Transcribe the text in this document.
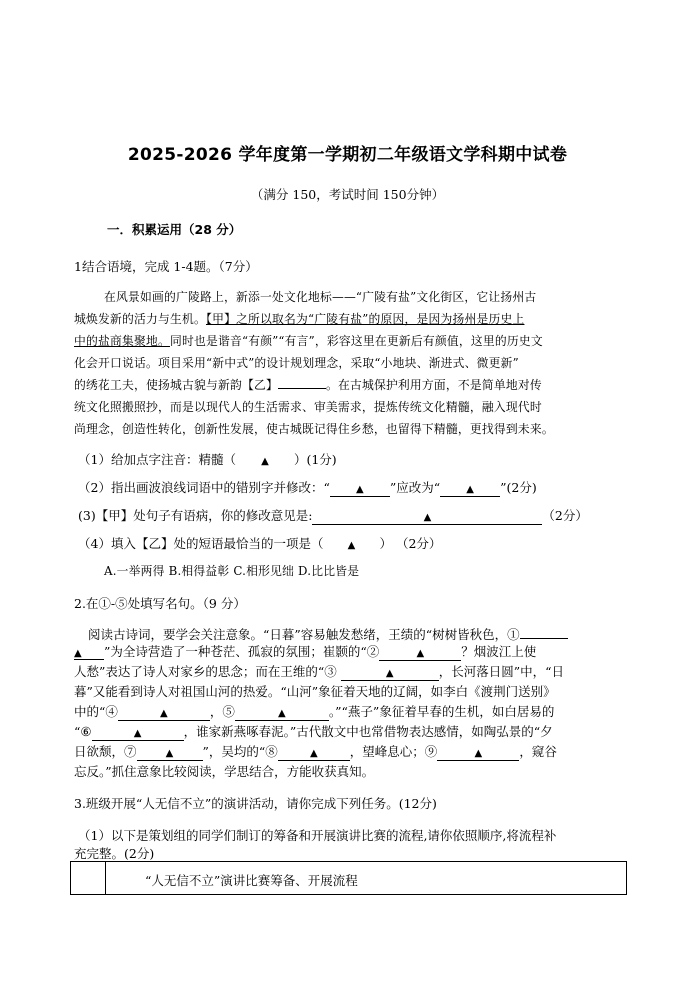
2025-2026 学年度第一学期初二年级语文学科期中试卷
（满分 150，考试时间 150分钟）
一．积累运用（28 分）
1结合语境，完成 1-4题。（7分）
在风景如画的广陵路上，新添一处文化地标——“广陵有盐”文化街区，它让扬州古
城焕发新的活力与生机。【甲】之所以取名为“广陵有盐”的原因，是因为扬州是历史上
中的盐商集聚地。同时也是谐音“有颜”“有言”，彩容这里在更新后有颜值，这里的历史文
化会开口说话。项目采用“新中式”的设计规划理念，采取“小地块、渐进式、微更新”
的绣花工夫，使扬城古貌与新韵【乙】	。在古城保护利用方面，不是简单地对传
统文化照搬照抄，而是以现代人的生活需求、审美需求，提炼传统文化精髓，融入现代时
尚理念，创造性转化，创新性发展，使古城既记得住乡愁，也留得下精髓，更找得到未来。
（1）给加点字注音：精髓（	▲ ）(1分)
（2）指出画波浪线词语中的错别字并修改：“	▲ ”应改为“	▲ ”(2分)
(3)【甲】处句子有语病，你的修改意见是:	▲	（2分）
（4）填入【乙】处的短语最恰当的一项是（ ▲ ） （2分）
A.一举两得 B.相得益彰 C.相形见绌 D.比比皆是
2.在①-⑤处填写名句。（9 分）
阅读古诗词，要学会关注意象。“日暮”容易触发愁绪，王绩的“树树皆秋色，①
▲ ”为全诗营造了一种苍茫、孤寂的氛围；崔颢的“②	▲	？烟波江上使
人愁”表达了诗人对家乡的思念；而在王维的“③	▲	，长河落日圆”中，“日
暮”又能看到诗人对祖国山河的热爱。“山河”象征着天地的辽阔，如李白《渡荆门送别》
中的“④	▲	，⑤	▲	。”“燕子”象征着早春的生机，如白居易的
“⑥	▲	，谁家新燕啄春泥。”古代散文中也常借物表达感情，如陶弘景的“夕
日欲颓，⑦	▲ ”，吴均的“⑧	▲	，望峰息心；⑨	▲	，窥谷
忘反。”抓住意象比较阅读，学思结合，方能收获真知。
3.班级开展“人无信不立”的演讲活动，请你完成下列任务。(12分)
（1）以下是策划组的同学们制订的筹备和开展演讲比赛的流程,请你依照顺序,将流程补
充完整。(2分)
“人无信不立”演讲比赛筹备、开展流程
